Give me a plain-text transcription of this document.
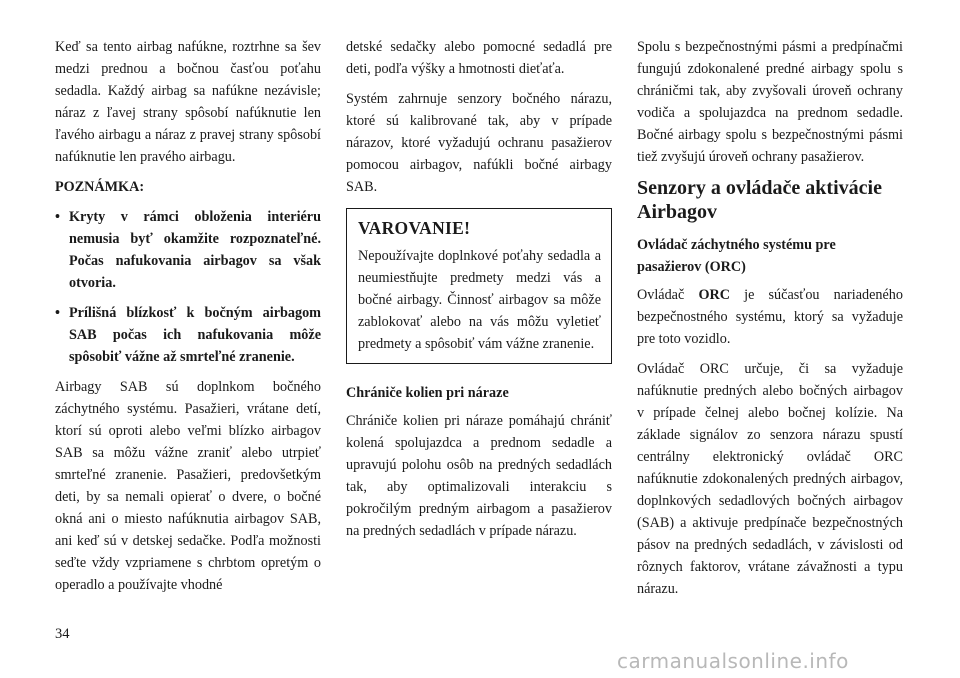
Keď sa tento airbag nafúkne, roztrhne sa šev medzi prednou a bočnou časťou poťahu sedadla. Každý airbag sa nafúkne nezávisle; náraz z ľavej strany spôsobí nafúknutie len ľavého airbagu a náraz z pravej strany spôsobí nafúknutie len pravého airbagu.

POZNÁMKA:
• Kryty v rámci obloženia interiéru nemusia byť okamžite rozpoznateľné. Počas nafukovania airbagov sa však otvoria.
• Prílišná blízkosť k bočným airbagom SAB počas ich nafukovania môže spôsobiť vážne až smrteľné zranenie.

Airbagy SAB sú doplnkom bočného záchytného systému. Pasažieri, vrátane detí, ktorí sú oproti alebo veľmi blízko airbagov SAB sa môžu vážne zraniť alebo utrpieť smrteľné zranenie. Pasažieri, predovšetkým deti, by sa nemali opierať o dvere, o bočné okná ani o miesto nafúknutia airbagov SAB, ani keď sú v detskej sedačke. Podľa možnosti seďte vždy vzpriamene s chrbtom opretým o operadlo a používajte vhodné

detské sedačky alebo pomocné sedadlá pre deti, podľa výšky a hmotnosti dieťaťa.

Systém zahrnuje senzory bočného nárazu, ktoré sú kalibrované tak, aby v prípade nárazov, ktoré vyžadujú ochranu pasažierov pomocou airbagov, nafúkli bočné airbagy SAB.

VAROVANIE!

Nepoužívajte doplnkové poťahy sedadla a neumiestňujte predmety medzi vás a bočné airbagy. Činnosť airbagov sa môže zablokovať alebo na vás môžu vyletieť predmety a spôsobiť vám vážne zranenie.

Chrániče kolien pri náraze

Chrániče kolien pri náraze pomáhajú chrániť kolená spolujazdca a prednom sedadle a upravujú polohu osôb na predných sedadlách tak, aby optimalizovali interakciu s pokročilým predným airbagom a pasažierov na predných sedadlách v prípade nárazu.

Spolu s bezpečnostnými pásmi a predpínačmi fungujú zdokonalené predné airbagy spolu s chráničmi tak, aby zvyšovali úroveň ochrany vodiča a spolujazdca na prednom sedadle. Bočné airbagy spolu s bezpečnostnými pásmi tiež zvyšujú úroveň ochrany pasažierov.

Senzory a ovládače aktivácie Airbagov
Ovládač záchytného systému pre pasažierov (ORC)

Ovládač ORC je súčasťou nariadeného bezpečnostného systému, ktorý sa vyžaduje pre toto vozidlo.

Ovládač ORC určuje, či sa vyžaduje nafúknutie predných alebo bočných airbagov v prípade čelnej alebo bočnej kolízie. Na základe signálov zo senzora nárazu spustí centrálny elektronický ovládač ORC nafúknutie zdokonalených predných airbagov, doplnkových sedadlových bočných airbagov (SAB) a aktivuje predpínače bezpečnostných pásov na predných sedadlách, v závislosti od rôznych faktorov, vrátane závažnosti a typu nárazu.

34
carmanualsonline.info
